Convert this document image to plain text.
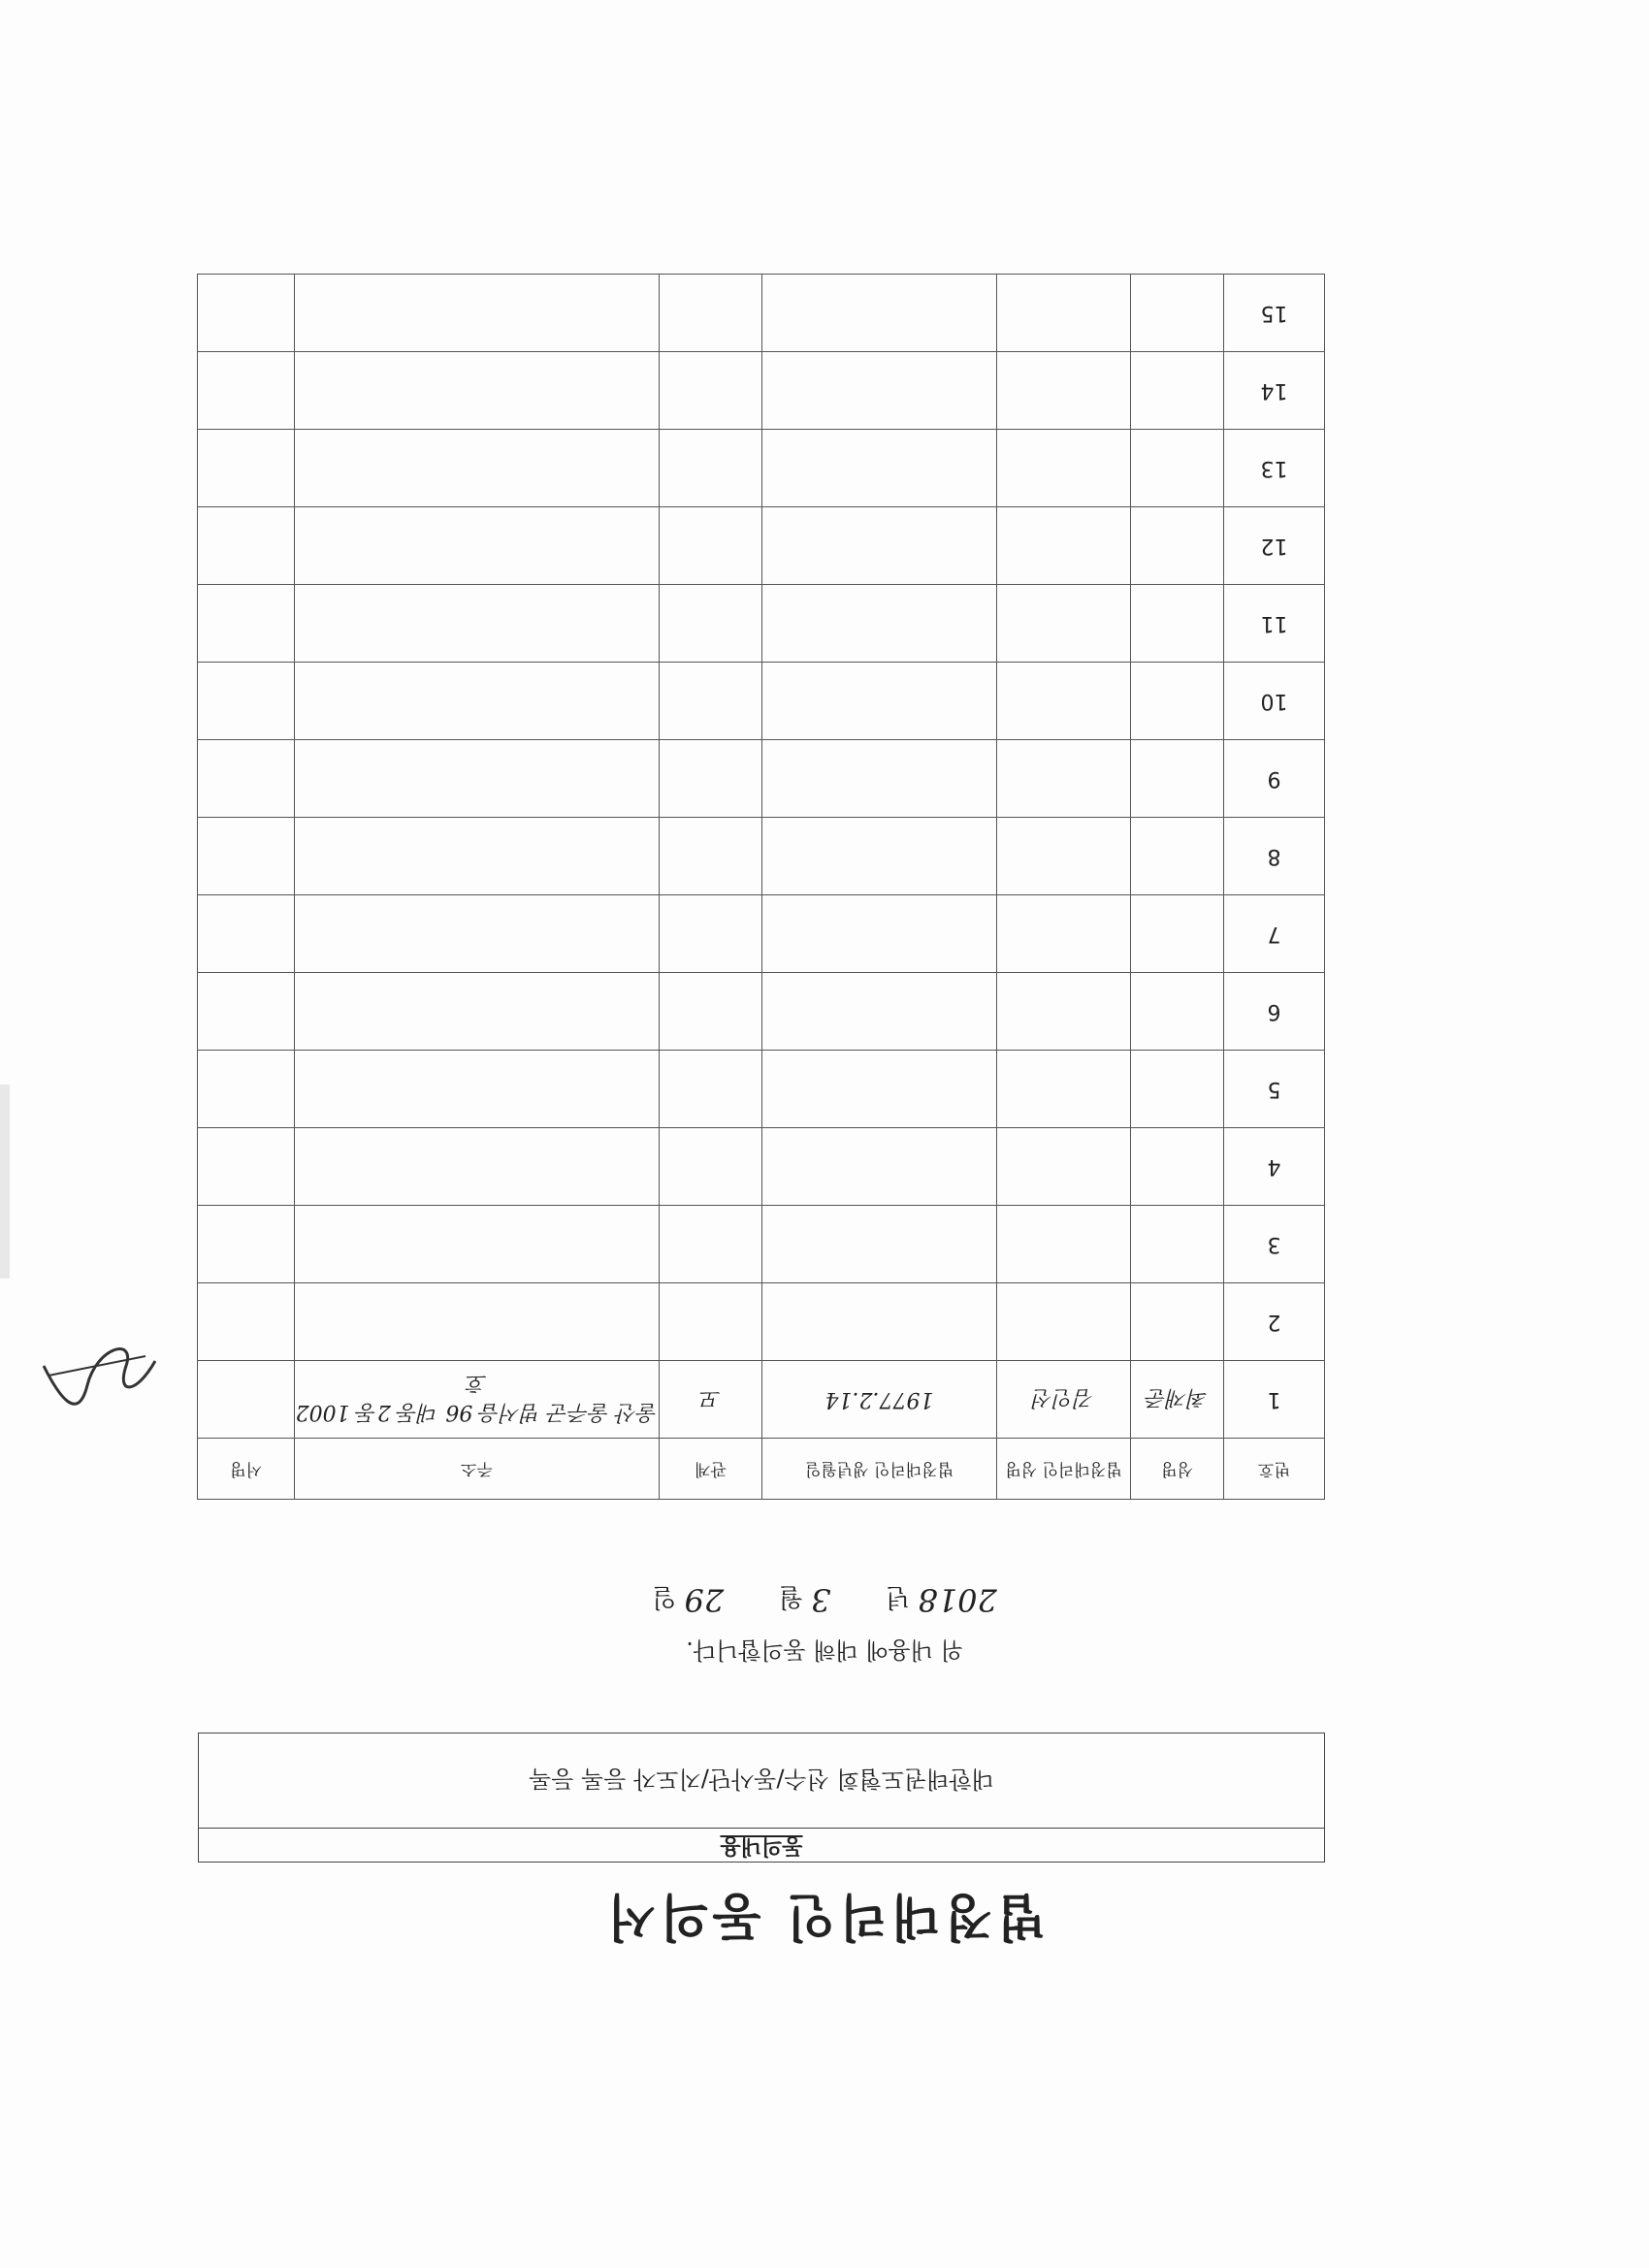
법정대리인 동의서
동의내용
대한태권도협회 선수/동사단/지도자 등록 등록
위 내용에 대해 동의합니다.
2018 년  3 월  29 일
번호	성명	법정대리인 성명	법정대리인 생년월일	관계	주소	서명
1	최재준	김인선	1977.2.14	모	울산 울주군 범서읍 96 대동 2동 1002호	
2						
3						
4						
5						
6						
7						
8						
9						
10						
11						
12						
13						
14						
15						
